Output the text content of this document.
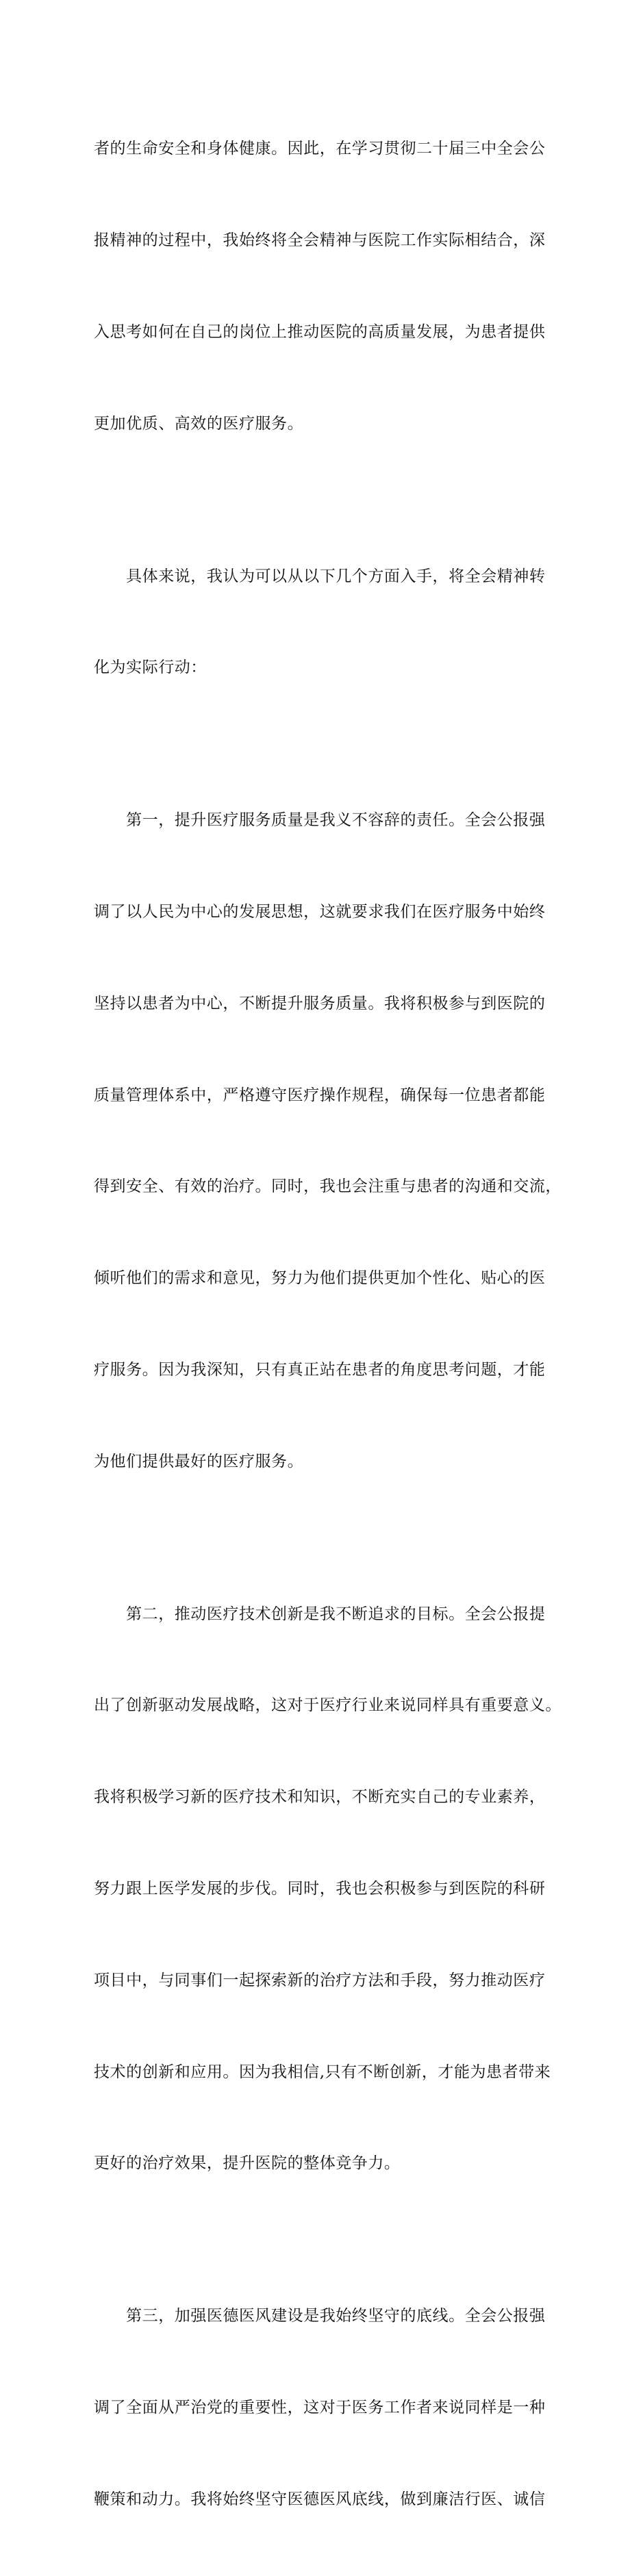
者的生命安全和身体健康。因此，在学习贯彻二十届三中全会公

报精神的过程中，我始终将全会精神与医院工作实际相结合，深

入思考如何在自己的岗位上推动医院的高质量发展，为患者提供

更加优质、高效的医疗服务。

　　具体来说，我认为可以从以下几个方面入手，将全会精神转

化为实际行动：

　　第一，提升医疗服务质量是我义不容辞的责任。全会公报强

调了以人民为中心的发展思想，这就要求我们在医疗服务中始终

坚持以患者为中心，不断提升服务质量。我将积极参与到医院的

质量管理体系中，严格遵守医疗操作规程，确保每一位患者都能

得到安全、有效的治疗。同时，我也会注重与患者的沟通和交流，

倾听他们的需求和意见，努力为他们提供更加个性化、贴心的医

疗服务。因为我深知，只有真正站在患者的角度思考问题，才能

为他们提供最好的医疗服务。

　　第二，推动医疗技术创新是我不断追求的目标。全会公报提

出了创新驱动发展战略，这对于医疗行业来说同样具有重要意义。

我将积极学习新的医疗技术和知识，不断充实自己的专业素养，

努力跟上医学发展的步伐。同时，我也会积极参与到医院的科研

项目中，与同事们一起探索新的治疗方法和手段，努力推动医疗

技术的创新和应用。因为我相信,只有不断创新，才能为患者带来

更好的治疗效果，提升医院的整体竞争力。

　　第三，加强医德医风建设是我始终坚守的底线。全会公报强

调了全面从严治党的重要性，这对于医务工作者来说同样是一种

鞭策和动力。我将始终坚守医德医风底线，做到廉洁行医、诚信
